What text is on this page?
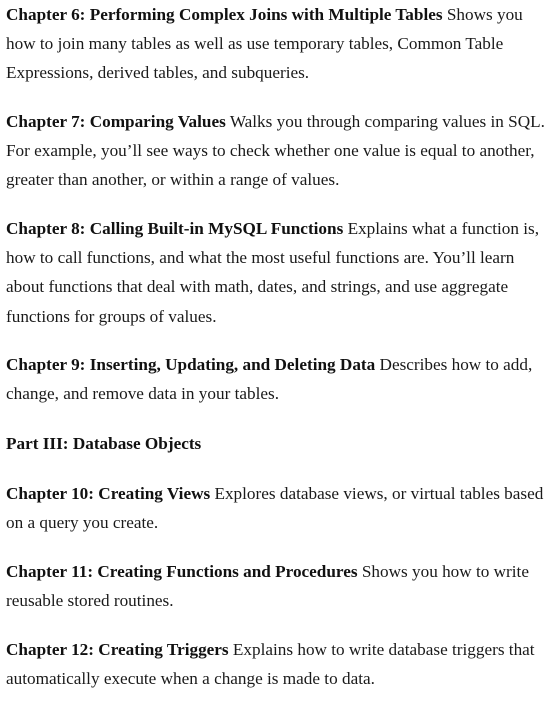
Chapter 6: Performing Complex Joins with Multiple Tables Shows you how to join many tables as well as use temporary tables, Common Table Expressions, derived tables, and subqueries.

Chapter 7: Comparing Values Walks you through comparing values in SQL. For example, you’ll see ways to check whether one value is equal to another, greater than another, or within a range of values.

Chapter 8: Calling Built-in MySQL Functions Explains what a function is, how to call functions, and what the most useful functions are. You’ll learn about functions that deal with math, dates, and strings, and use aggregate functions for groups of values.

Chapter 9: Inserting, Updating, and Deleting Data Describes how to add, change, and remove data in your tables.

Part III: Database Objects

Chapter 10: Creating Views Explores database views, or virtual tables based on a query you create.

Chapter 11: Creating Functions and Procedures Shows you how to write reusable stored routines.

Chapter 12: Creating Triggers Explains how to write database triggers that automatically execute when a change is made to data.
